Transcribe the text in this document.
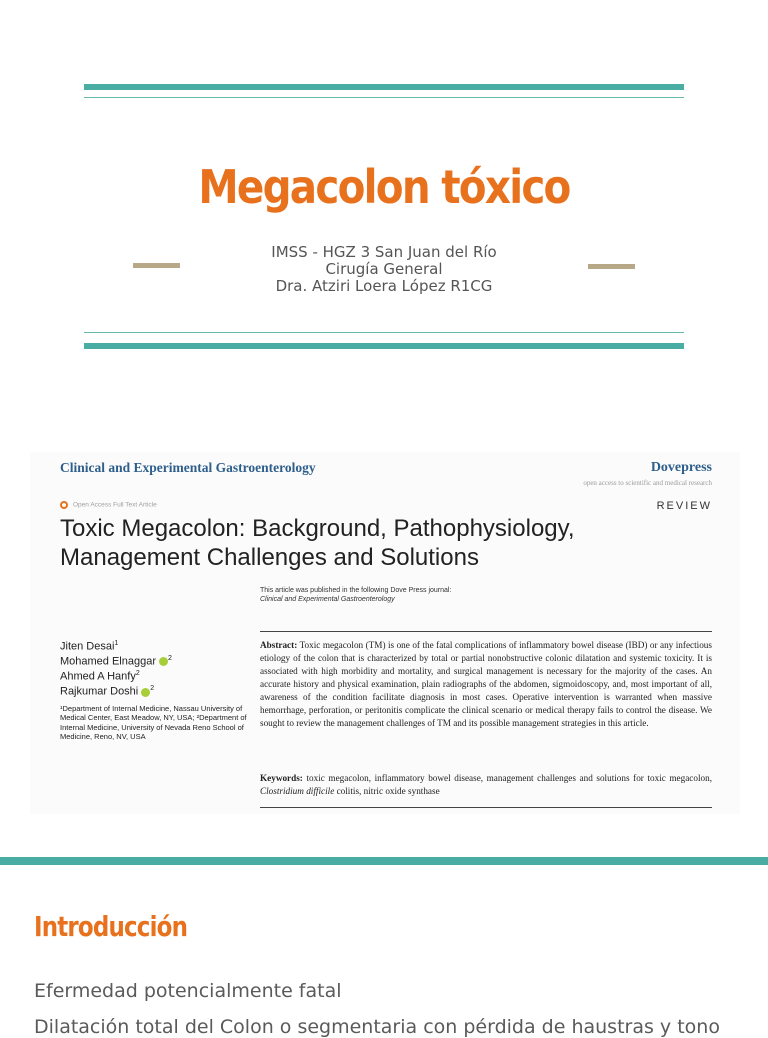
Megacolon tóxico
IMSS - HGZ 3 San Juan del Río
Cirugía General
Dra. Atziri Loera López R1CG
Clinical and Experimental Gastroenterology	Dovepress
open access to scientific and medical research
Open Access Full Text Article	REVIEW
Toxic Megacolon: Background, Pathophysiology,
Management Challenges and Solutions
This article was published in the following Dove Press journal:
Clinical and Experimental Gastroenterology
Jiten Desai$^1$
Mohamed Elnaggar $^2$
Ahmed A Hanfy$^2$
Rajkumar Doshi $^2$
¹Department of Internal Medicine, Nassau University of Medical Center, East Meadow, NY, USA; ²Department of Internal Medicine, University of Nevada Reno School of Medicine, Reno, NV, USA
Abstract: Toxic megacolon (TM) is one of the fatal complications of inflammatory bowel disease (IBD) or any infectious etiology of the colon that is characterized by total or partial nonobstructive colonic dilatation and systemic toxicity. It is associated with high morbidity and mortality, and surgical management is necessary for the majority of the cases. An accurate history and physical examination, plain radiographs of the abdomen, sigmoidoscopy, and, most important of all, awareness of the condition facilitate diagnosis in most cases. Operative intervention is warranted when massive hemorrhage, perforation, or peritonitis complicate the clinical scenario or medical therapy fails to control the disease. We sought to review the management challenges of TM and its possible management strategies in this article.
Keywords: toxic megacolon, inflammatory bowel disease, management challenges and solutions for toxic megacolon, Clostridium difficile colitis, nitric oxide synthase
Introducción
Efermedad potencialmente fatal
Dilatación total del Colon o segmentaria con pérdida de haustras y tono
